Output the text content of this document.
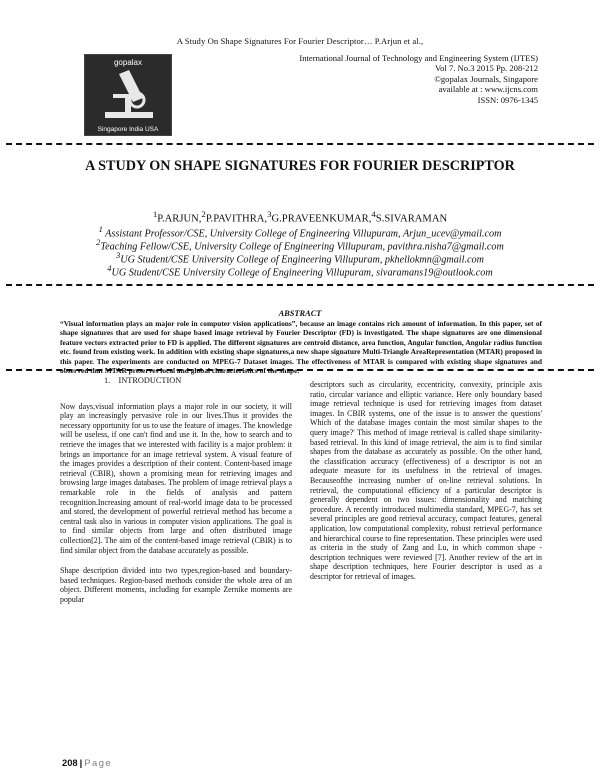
A Study On Shape Signatures For Fourier Descriptor… P.Arjun et al.,
gopalax
Singapore India USA
International Journal of Technology and Engineering System (IJTES)
Vol 7. No.3 2015 Pp. 208-212
©gopalax Journals, Singapore
available at : www.ijcns.com
ISSN: 0976-1345
A STUDY ON SHAPE SIGNATURES FOR FOURIER DESCRIPTOR
$^1$P.ARJUN,$^2$P.PAVITHRA,$^3$G.PRAVEENKUMAR,$^4$S.SIVARAMAN
$^1$ Assistant Professor/CSE, University College of Engineering Villupuram, Arjun_ucev@ymail.com
$^2$Teaching Fellow/CSE, University College of Engineering Villupuram, pavithra.nisha7@gmail.com
$^3$UG Student/CSE University College of Engineering Villupuram, pkhellokmn@gmail.com
$^4$UG Student/CSE University College of Engineering Villupuram, sivaramans19@outlook.com
ABSTRACT
“Visual information plays an major role in computer vision applications”, because an image contains rich amount of information. In this paper, set of shape signatures that are used for shape based image retrieval by Fourier Descriptor (FD) is investigated. The shape signatures are one dimensional feature vectors extracted prior to FD is applied. The different signatures are centroid distance, area function, Angular function, Angular radius function etc. found from existing work. In addition with existing shape signatures,a new shape signature Multi-Triangle AreaRepresentation (MTAR) proposed in this paper. The experiments are conducted on MPEG-7 Dataset images. The effectiveness of MTAR is compared with existing shape signatures and observed that MTAR preserves local and global characteristics of the shape.

1. INTRODUCTION

Now days,visual information plays a major role in our society, it will play an increasingly pervasive role in our lives.Thus it provides the necessary opportunity for us to use the feature of images. The knowledge will be useless, if one can't find and use it. In the, how to search and to retrieve the images that we interested with facility is a major problem: it brings an importance for an image retrieval system. A visual feature of the images provides a description of their content. Content-based image retrieval (CBIR), shown a promising mean for retrieving images and browsing large images databases. The problem of image retrieval plays a remarkable role in the fields of analysis and pattern recognition.Increasing amount of real-world image data to be processed and stored, the development of powerful retrieval method has become a central task also in various in computer vision applications. The goal is to find similar objects from large and often distributed image collection[2]. The aim of the content-based image retrieval (CBIR) is to find similar object from the database accurately as possible.

Shape description divided into two types,region-based and boundary-based techniques. Region-based methods consider the whole area of an object. Different moments, including for example Zernike moments are popular

descriptors such as circularity, eccentricity, convexity, principle axis ratio, circular variance and elliptic variance. Here only boundary based image retrieval technique is used for retrieving images from dataset images. In CBIR systems, one of the issue is to answer the questions' Which of the database images contain the most similar shapes to the query image?' This method of image retrieval is called shape similarity-based retrieval. In this kind of image retrieval, the aim is to find similar shapes from the database as accurately as possible. On the other hand, the classification accuracy (effectiveness) of a descriptor is not an adequate measure for its usefulness in the retrieval of images. Becauseofthe increasing number of on-line retrieval solutions. In retrieval, the computational efficiency of a particular descriptor is generally dependent on two issues: dimensionality and matching procedure. A recently introduced multimedia standard, MPEG-7, has set several principles are good retrieval accuracy, compact features, general application, low computational complexity, robust retrieval performance and hierarchical course to fine representation. These principles were used as criteria in the study of Zang and Lu, in which common shape -description techniques were reviewed [7]. Another review of the art in shape description techniques, here Fourier descriptor is used as a descriptor for retrieval of images.

208 | Page
